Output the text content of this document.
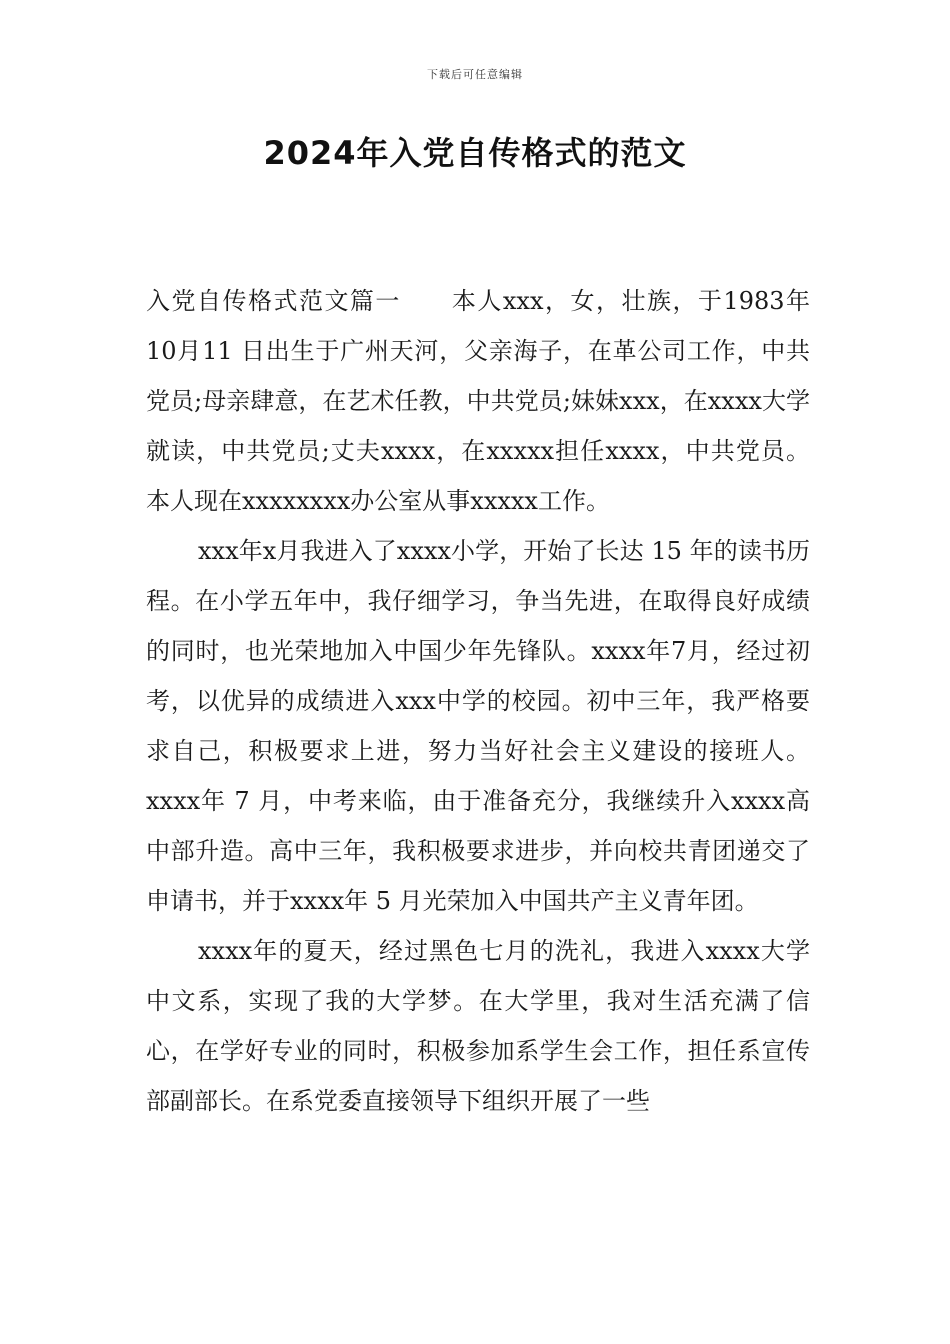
下载后可任意编辑
2024年入党自传格式的范文

入党自传格式范文篇一　　本人xxx，女，壮族，于1983年 10月11 日出生于广州天河，父亲海子，在革公司工作，中共党员;母亲肆意，在艺术任教，中共党员;妹妹xxx，在xxxx大学就读，中共党员;丈夫xxxx，在xxxxx担任xxxx，中共党员。本人现在xxxxxxxx办公室从事xxxxx工作。

xxx年x月我进入了xxxx小学，开始了长达 15 年的读书历程。在小学五年中，我仔细学习，争当先进，在取得良好成绩的同时，也光荣地加入中国少年先锋队。xxxx年7月，经过初考，以优异的成绩进入xxx中学的校园。初中三年，我严格要求自己，积极要求上进，努力当好社会主义建设的接班人。 xxxx年 7 月，中考来临，由于准备充分，我继续升入xxxx高中部升造。高中三年，我积极要求进步，并向校共青团递交了申请书，并于xxxx年 5 月光荣加入中国共产主义青年团。

xxxx年的夏天，经过黑色七月的洗礼，我进入xxxx大学中文系，实现了我的大学梦。在大学里，我对生活充满了信心，在学好专业的同时，积极参加系学生会工作，担任系宣传部副部长。在系党委直接领导下组织开展了一些
